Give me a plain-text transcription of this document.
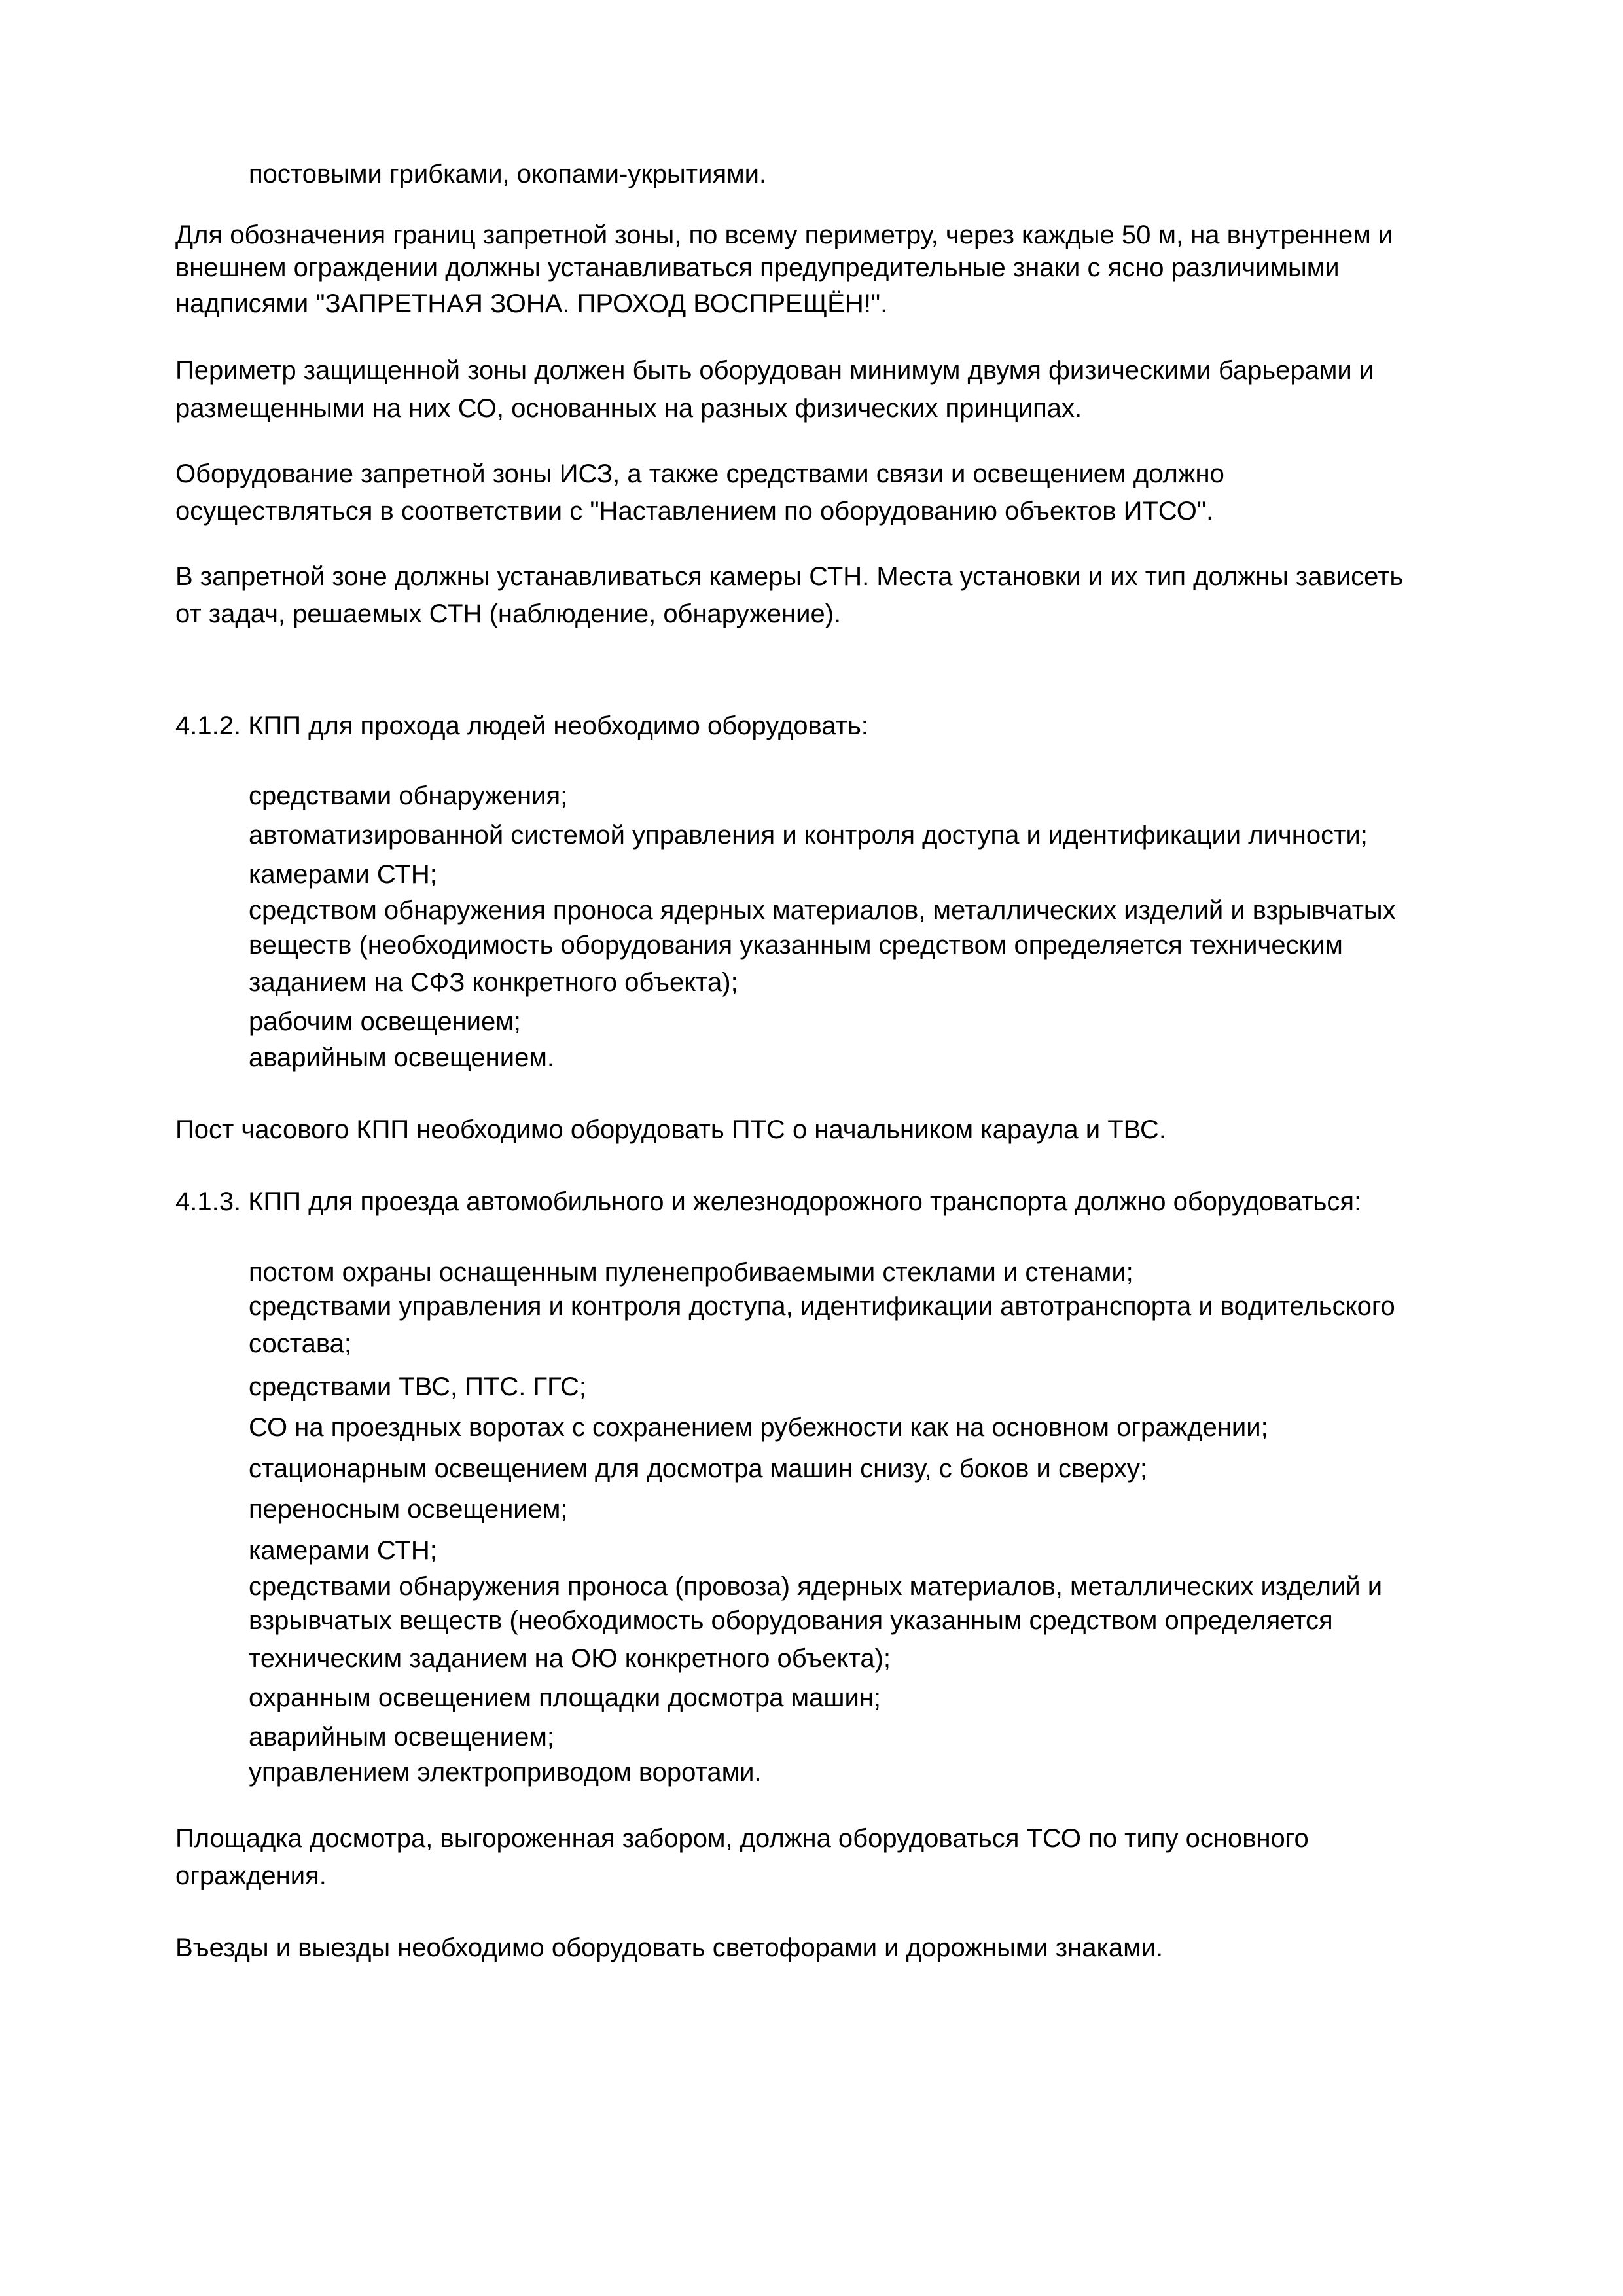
постовыми грибками, окопами-укрытиями.

Для обозначения границ запретной зоны, по всему периметру, через каждые 50 м, на внутреннем и

внешнем ограждении должны устанавливаться предупредительные знаки с ясно различимыми

надписями "ЗАПРЕТНАЯ ЗОНА. ПРОХОД ВОСПРЕЩЁН!".

Периметр защищенной зоны должен быть оборудован минимум двумя физическими барьерами и

размещенными на них СО, основанных на разных физических принципах.

Оборудование запретной зоны ИСЗ, а также средствами связи и освещением должно

осуществляться в соответствии с "Наставлением по оборудованию объектов ИТСО".

В запретной зоне должны устанавливаться камеры СТН. Места установки и их тип должны зависеть

от задач, решаемых СТН (наблюдение, обнаружение).

4.1.2. КПП для прохода людей необходимо оборудовать:

средствами обнаружения;

автоматизированной системой управления и контроля доступа и идентификации личности;

камерами СТН;

средством обнаружения проноса ядерных материалов, металлических изделий и взрывчатых

веществ (необходимость оборудования указанным средством определяется техническим

заданием на СФЗ конкретного объекта);

рабочим освещением;

аварийным освещением.

Пост часового КПП необходимо оборудовать ПТС о начальником караула и ТВС.

4.1.3. КПП для проезда автомобильного и железнодорожного транспорта должно оборудоваться:

постом охраны оснащенным пуленепробиваемыми стеклами и стенами;

средствами управления и контроля доступа, идентификации автотранспорта и водительского

состава;

средствами ТВС, ПТС. ГГС;

СО на проездных воротах с сохранением рубежности как на основном ограждении;

стационарным освещением для досмотра машин снизу, с боков и сверху;

переносным освещением;

камерами СТН;

средствами обнаружения проноса (провоза) ядерных материалов, металлических изделий и

взрывчатых веществ (необходимость оборудования указанным средством определяется

техническим заданием на ОЮ конкретного объекта);

охранным освещением площадки досмотра машин;

аварийным освещением;

управлением электроприводом воротами.

Площадка досмотра, выгороженная забором, должна оборудоваться ТСО по типу основного

ограждения.

Въезды и выезды необходимо оборудовать светофорами и дорожными знаками.
